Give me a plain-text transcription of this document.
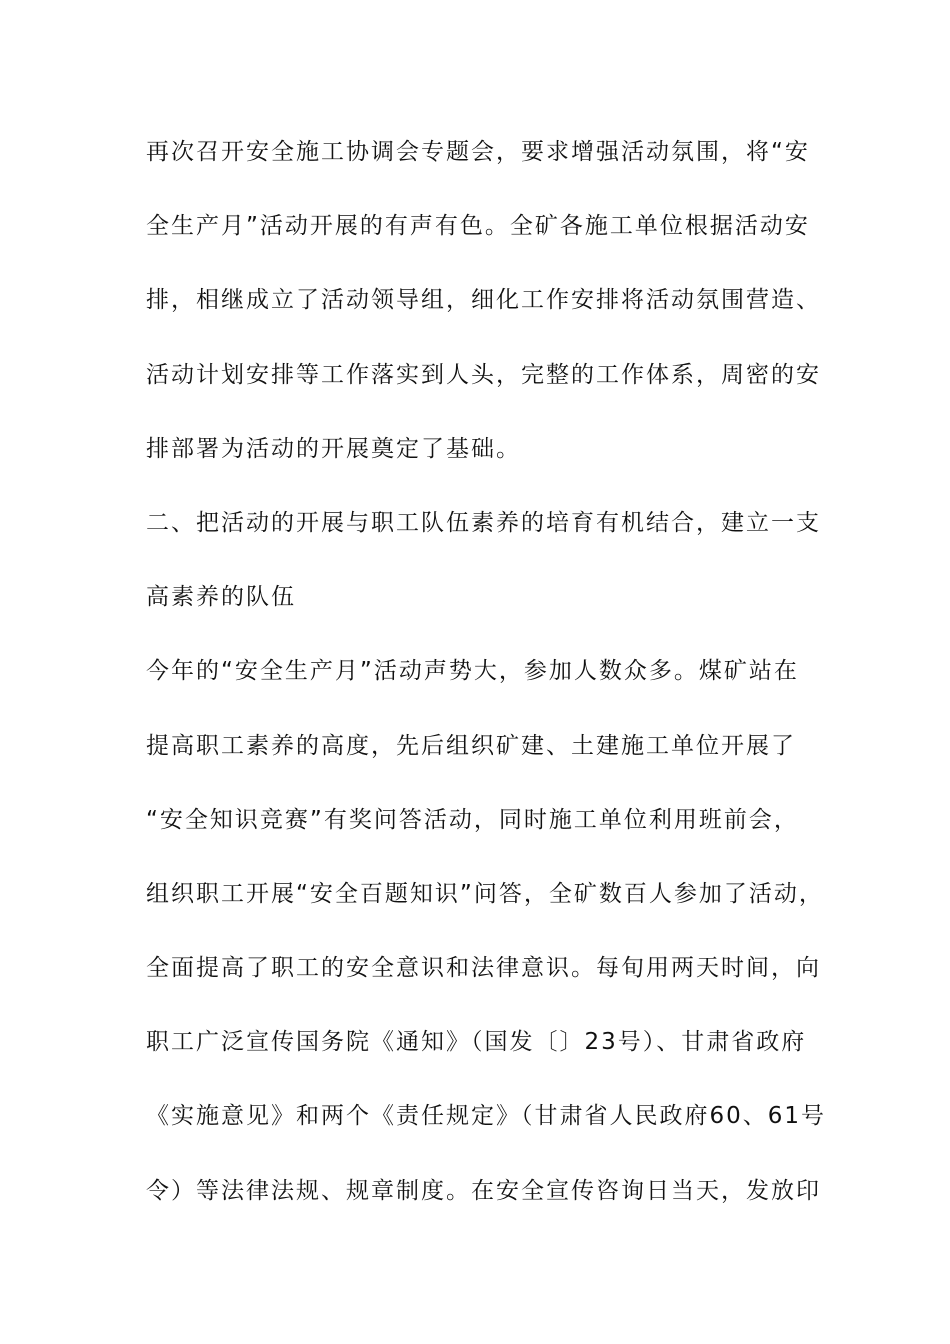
再次召开安全施工协调会专题会，要求增强活动氛围，将“安
全生产月”活动开展的有声有色。全矿各施工单位根据活动安
排，相继成立了活动领导组，细化工作安排将活动氛围营造、
活动计划安排等工作落实到人头，完整的工作体系，周密的安
排部署为活动的开展奠定了基础。
二、把活动的开展与职工队伍素养的培育有机结合，建立一支
高素养的队伍
今年的“安全生产月”活动声势大，参加人数众多。煤矿站在
提高职工素养的高度，先后组织矿建、土建施工单位开展了
“安全知识竞赛”有奖问答活动，同时施工单位利用班前会，
组织职工开展“安全百题知识”问答，全矿数百人参加了活动，
全面提高了职工的安全意识和法律意识。每旬用两天时间，向
职工广泛宣传国务院《通知》（国发〔〕23号）、甘肃省政府
《实施意见》和两个《责任规定》（甘肃省人民政府60、61号
令）等法律法规、规章制度。在安全宣传咨询日当天，发放印
